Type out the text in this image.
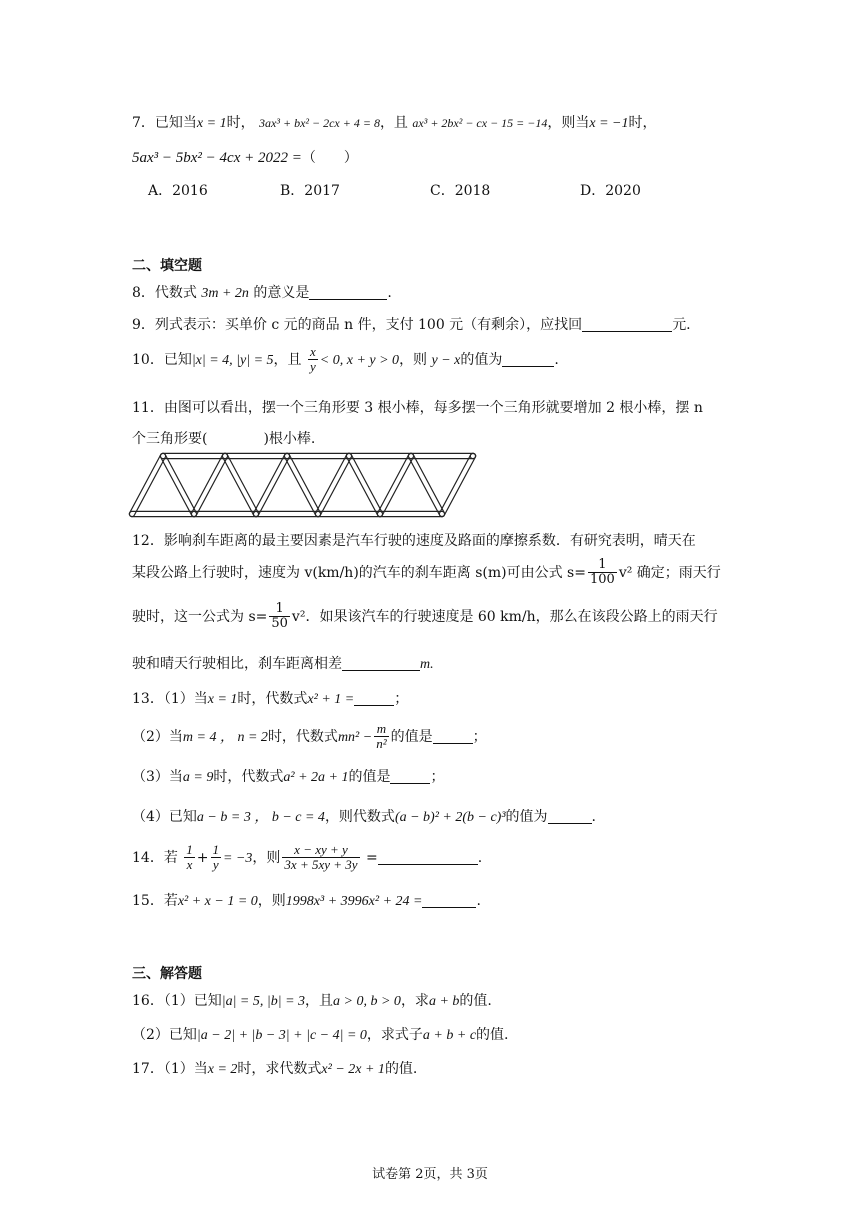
7．已知当x = 1时， 3ax³ + bx² − 2cx + 4 = 8，且 ax³ + 2bx² − cx − 15 = −14，则当x = −1时，
5ax³ − 5bx² − 4cx + 2022 =（　　）
A．2016	B．2017	C．2018	D．2020
二、填空题
8．代数式 3m + 2n 的意义是	.
9．列式表示：买单价 c 元的商品 n 件，支付 100 元（有剩余），应找回	元.
10．已知|x| = 4, |y| = 5，且 $\frac{x}{y} < 0$, x + y > 0，则 y − x的值为	.
11．由图可以看出，摆一个三角形要 3 根小棒，每多摆一个三角形就要增加 2 根小棒，摆 n
个三角形要(　　　　)根小棒.
12．影响刹车距离的最主要因素是汽车行驶的速度及路面的摩擦系数．有研究表明，晴天在
某段公路上行驶时，速度为 v(km/h)的汽车的刹车距离 s(m)可由公式 $s= \frac{1}{100} v^2$ 确定；雨天行
驶时，这一公式为 $s= \frac{1}{50} v^2$．如果该汽车的行驶速度是 60 km/h，那么在该段公路上的雨天行
驶和晴天行驶相比，刹车距离相差	m.
13．（1）当x = 1时，代数式x² + 1 =	；
（2）当m = 4 ， n = 2时，代数式$mn^2 - \frac{m}{\text{n²}}$ 的值是	；
（3）当a = 9时，代数式a² + 2a + 1的值是	；
（4）已知a − b = 3 ， b − c = 4，则代数式(a − b)² + 2(b − c)³的值为	.
14．若 $\frac{1}{x} + \frac{1}{y} = -3$，则 $\frac{x - xy + y}{3x + 5xy + 3y}$ =	.
15．若x² + x − 1 = 0，则1998x³ + 3996x² + 24 =	.
三、解答题
16．（1）已知|a| = 5, |b| = 3，且a > 0, b > 0，求a + b的值.
（2）已知|a − 2| + |b − 3| + |c − 4| = 0，求式子a + b + c的值.
17．（1）当x = 2时，求代数式x² − 2x + 1的值.
试卷第 2页，共 3页
